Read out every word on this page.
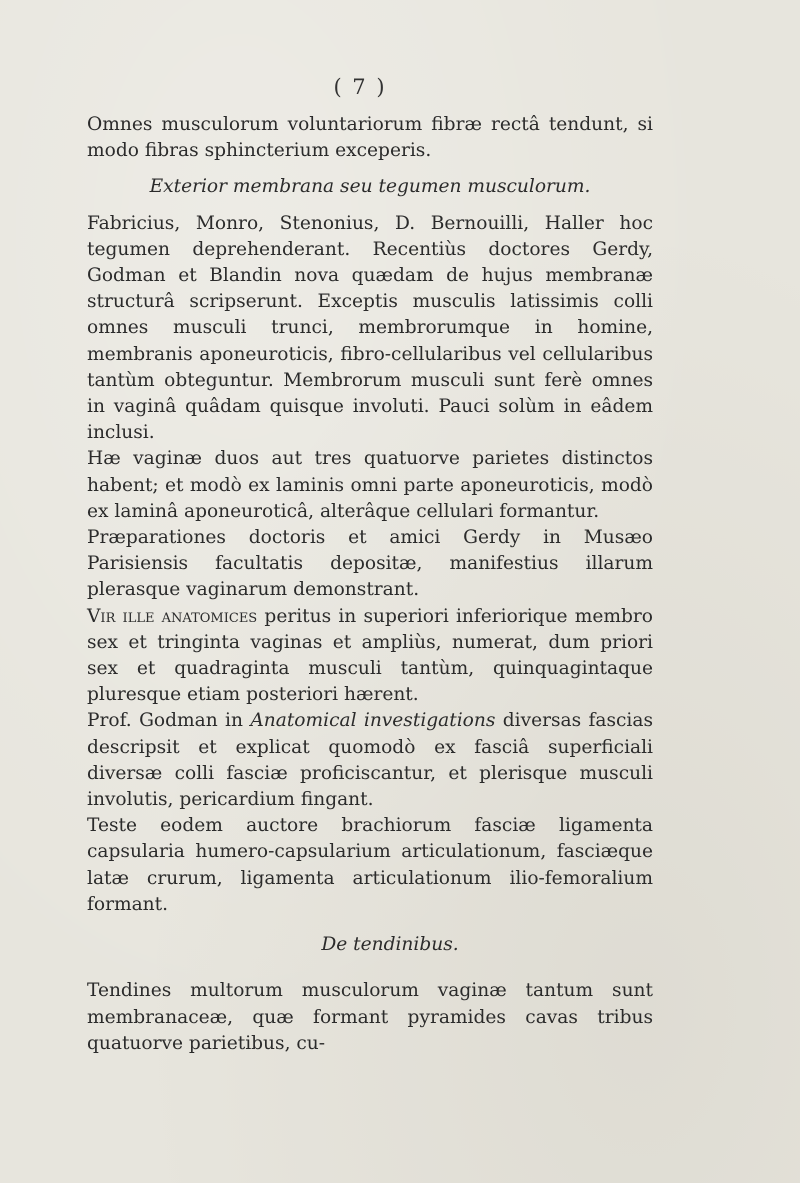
( 7 )

Omnes musculorum voluntariorum fibræ rectâ tendunt, si modo fibras sphincterium exceperis.

Exterior membrana seu tegumen musculorum.

Fabricius, Monro, Stenonius, D. Bernouilli, Haller hoc tegumen deprehenderant. Recentiùs doctores Gerdy, Godman et Blandin nova quædam de hujus membranæ structurâ scripserunt. Exceptis musculis latissimis colli omnes musculi trunci, membrorumque in homine, membranis aponeuroticis, fibro-cellularibus vel cellularibus tantùm obteguntur. Membrorum musculi sunt ferè omnes in vaginâ quâdam quisque involuti. Pauci solùm in eâdem inclusi.

Hæ vaginæ duos aut tres quatuorve parietes distinctos habent; et modò ex laminis omni parte aponeuroticis, modò ex laminâ aponeuroticâ, alterâque cellulari formantur.

Præparationes doctoris et amici Gerdy in Musæo Parisiensis facultatis depositæ, manifestius illarum plerasque vaginarum demonstrant.

Vir ille anatomices peritus in superiori inferiorique membro sex et tringinta vaginas et ampliùs, numerat, dum priori sex et quadraginta musculi tantùm, quinquagintaque pluresque etiam posteriori hærent.

Prof. Godman in Anatomical investigations diversas fascias descripsit et explicat quomodò ex fasciâ superficiali diversæ colli fasciæ proficiscantur, et plerisque musculi involutis, pericardium fingant.

Teste eodem auctore brachiorum fasciæ ligamenta capsularia humero-capsularium articulationum, fasciæque latæ crurum, ligamenta articulationum ilio-femoralium formant.

De tendinibus.

Tendines multorum musculorum vaginæ tantum sunt membranaceæ, quæ formant pyramides cavas tribus quatuorve parietibus, cu-
